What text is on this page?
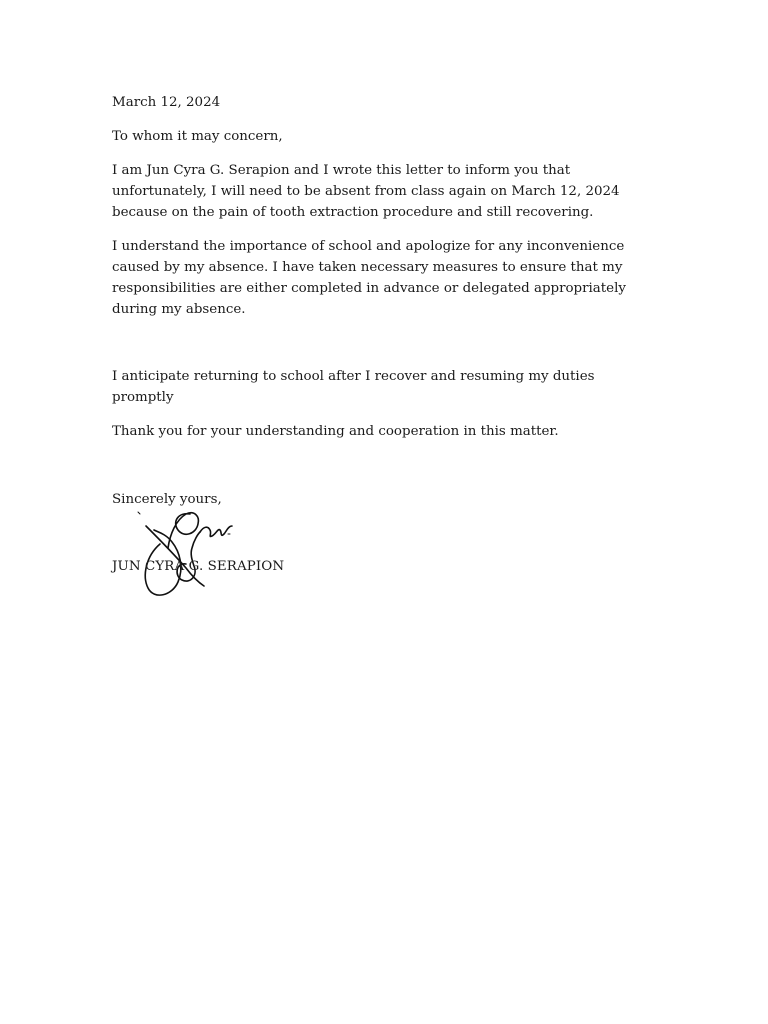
March 12, 2024

To whom it may concern,

I am Jun Cyra G. Serapion and I wrote this letter to inform you that unfortunately, I will need to be absent from class again on March 12, 2024 because on the pain of tooth extraction procedure and still recovering.

I understand the importance of school and apologize for any inconvenience caused by my absence. I have taken necessary measures to ensure that my responsibilities are either completed in advance or delegated appropriately during my absence.

I anticipate returning to school after I recover and resuming my duties promptly

Thank you for your understanding and cooperation in this matter.

Sincerely yours,

JUN CYRA G. SERAPION
